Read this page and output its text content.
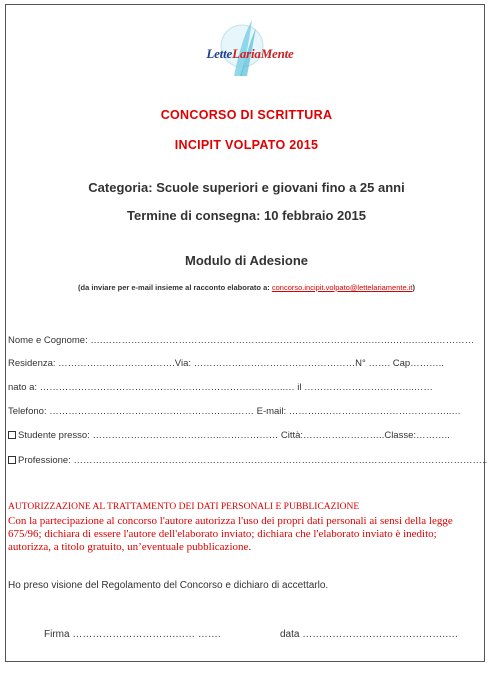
LetteLariaMente
CONCORSO DI SCRITTURA
INCIPIT VOLPATO 2015
Categoria: Scuole superiori e giovani fino a 25 anni
Termine di consegna: 10 febbraio 2015
Modulo di Adesione
(da inviare per e-mail insieme al racconto elaborato a: concorso.incipit.volpato@lettelariamente.it)
Nome e Cognome: ….………………………………………………………………………….…….…….….……………
Residenza: ……………………………….Via: ……………………………………………N° ……. Cap………..
nato a: ………………………………………………………….………..… il ……………………………..……
Telefono: …………………………………………………..…… E-mail: ………..…………………………………..…
Studente presso: …………………………………..……………… Città:……………………..Classe:………..
Professione: …………………………………………………………………………………………………………………..
AUTORIZZAZIONE AL TRATTAMENTO DEI DATI PERSONALI E PUBBLICAZIONE
Con la partecipazione al concorso l'autore autorizza l'uso dei propri dati personali ai sensi della legge 675/96; dichiara di essere l'autore dell'elaborato inviato; dichiara che l'elaborato inviato è inedito; autorizza, a titolo gratuito, un’eventuale pubblicazione.
Ho preso visione del Regolamento del Concorso e dichiaro di accettarlo.
Firma ………………………….…… …….	data …………………………………….….
